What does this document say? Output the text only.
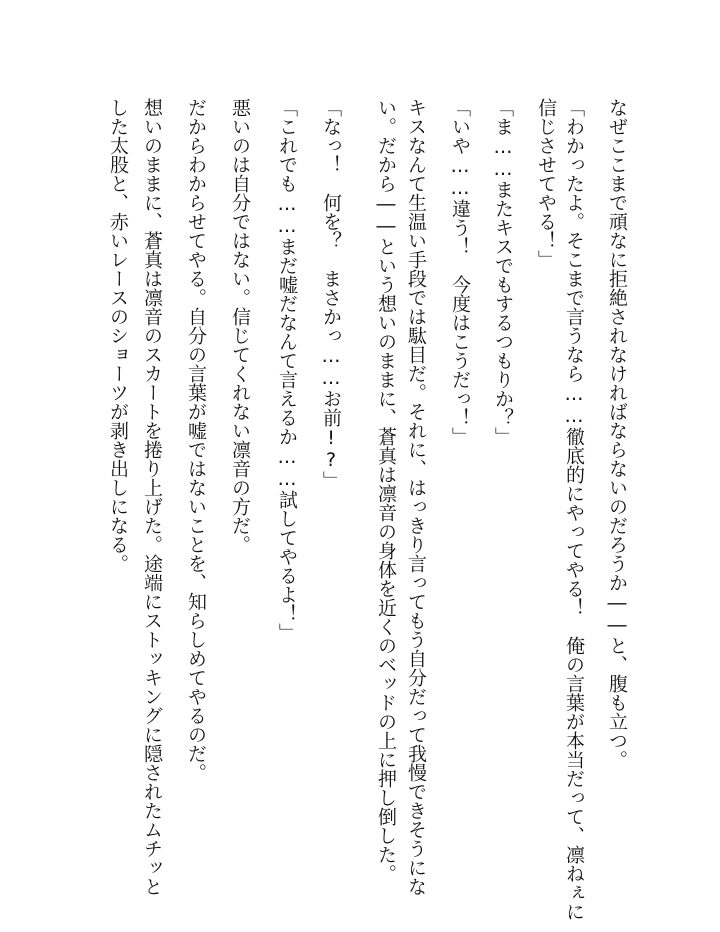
なぜここまで頑なに拒絶されなければならないのだろうか――と、腹も立つ。
「わかったよ。そこまで言うなら……徹底的にやってやる！　俺の言葉が本当だって、凛ねぇに
信じさせてやる！」
「ま……またキスでもするつもりか？」
「いや……違う！　今度はこうだっ！」
キスなんて生温い手段では駄目だ。それに、はっきり言ってもう自分だって我慢できそうにな
い。だから――という想いのままに、蒼真は凛音の身体を近くのベッドの上に押し倒した。
「なっ！　何を？　まさかっ……お前!?」
「これでも……まだ嘘だなんて言えるか……試してやるよ！」
悪いのは自分ではない。信じてくれない凛音の方だ。
だからわからせてやる。自分の言葉が嘘ではないことを、知らしめてやるのだ。
想いのままに、蒼真は凛音のスカートを捲り上げた。途端にストッキングに隠されたムチッと
した太股と、赤いレースのショーツが剥き出しになる。
